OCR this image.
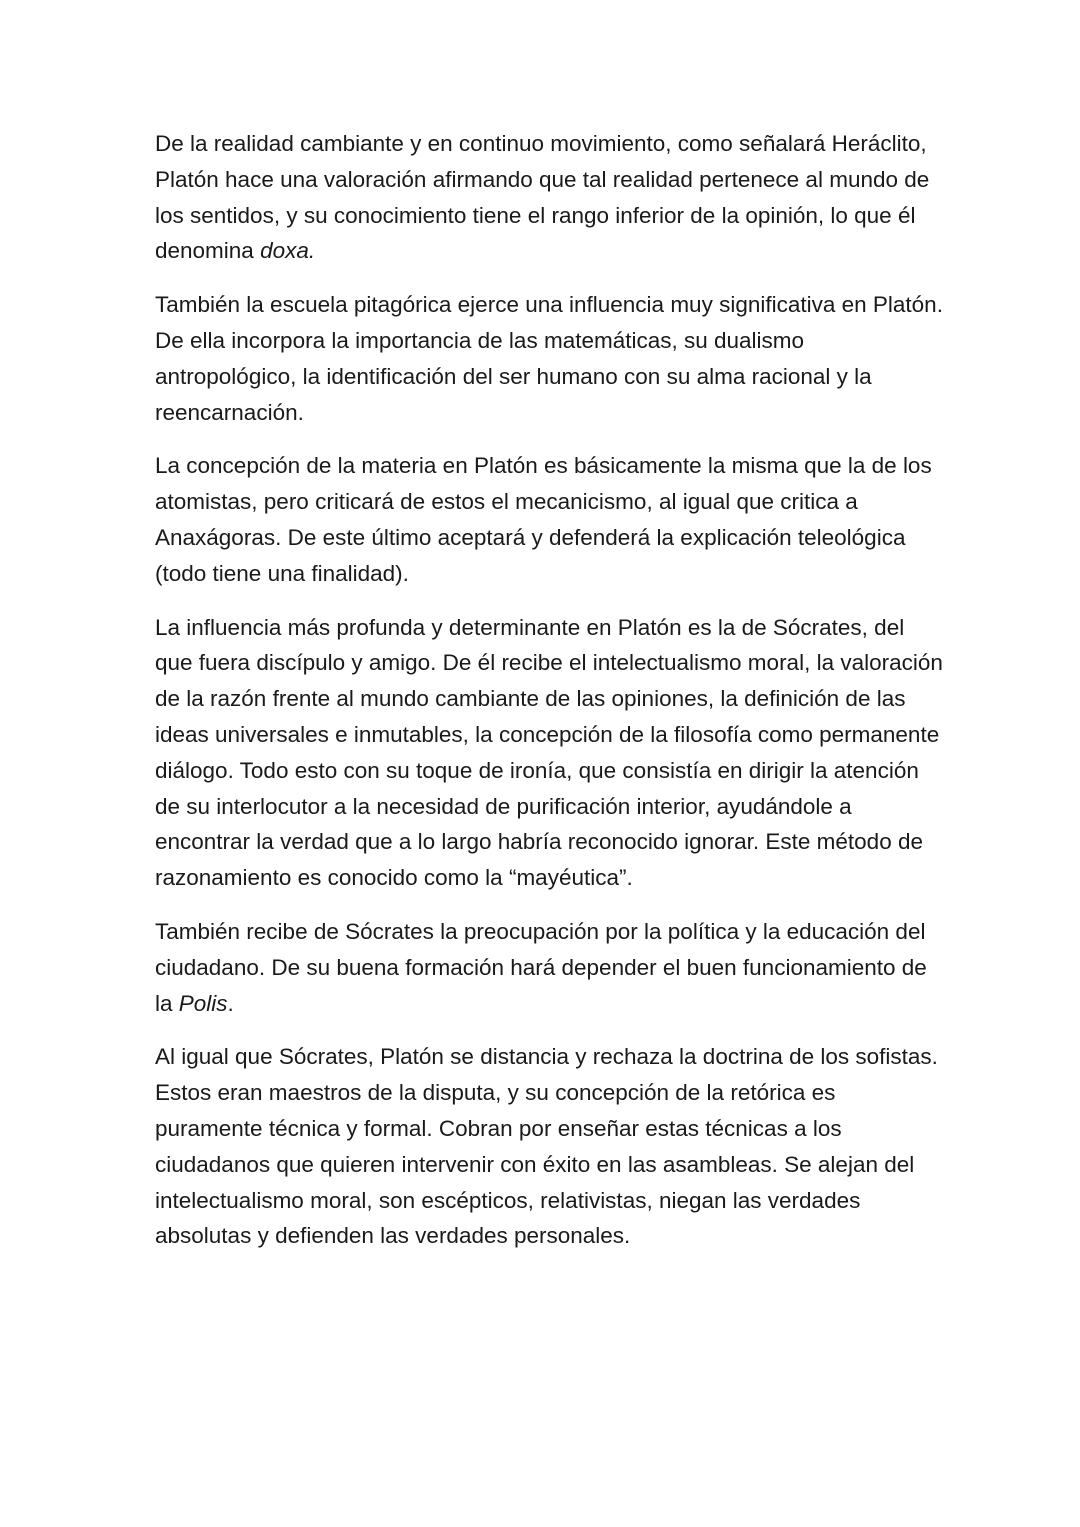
De la realidad cambiante y en continuo movimiento, como señalará Heráclito, Platón hace una valoración afirmando que tal realidad pertenece al mundo de los sentidos, y su conocimiento tiene el rango inferior de la opinión, lo que él denomina doxa.

También la escuela pitagórica ejerce una influencia muy significativa en Platón. De ella incorpora la importancia de las matemáticas, su dualismo antropológico, la identificación del ser humano con su alma racional y la reencarnación.

La concepción de la materia en Platón es básicamente la misma que la de los atomistas, pero criticará de estos el mecanicismo, al igual que critica a Anaxágoras. De este último aceptará y defenderá la explicación teleológica (todo tiene una finalidad).

La influencia más profunda y determinante en Platón es la de Sócrates, del que fuera discípulo y amigo. De él recibe el intelectualismo moral, la valoración de la razón frente al mundo cambiante de las opiniones, la definición de las ideas universales e inmutables, la concepción de la filosofía como permanente diálogo. Todo esto con su toque de ironía, que consistía en dirigir la atención de su interlocutor a la necesidad de purificación interior, ayudándole a encontrar la verdad que a lo largo habría reconocido ignorar. Este método de razonamiento es conocido como la “mayéutica”.

También recibe de Sócrates la preocupación por la política y la educación del ciudadano. De su buena formación hará depender el buen funcionamiento de la Polis.

Al igual que Sócrates, Platón se distancia y rechaza la doctrina de los sofistas. Estos eran maestros de la disputa, y su concepción de la retórica es puramente técnica y formal. Cobran por enseñar estas técnicas a los ciudadanos que quieren intervenir con éxito en las asambleas. Se alejan del intelectualismo moral, son escépticos, relativistas, niegan las verdades absolutas y defienden las verdades personales.
